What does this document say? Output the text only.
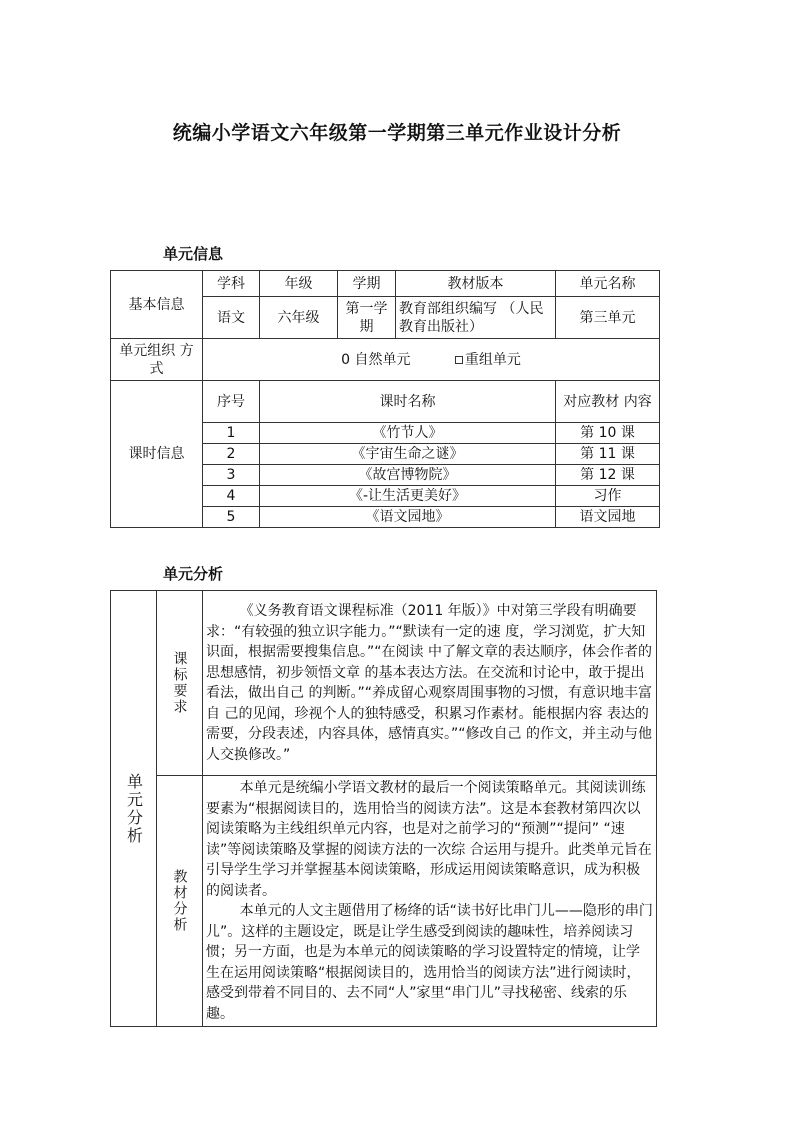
统编小学语文六年级第一学期第三单元作业设计分析
单元信息
基本信息	学科	年级	学期	教材版本	单元名称
	语文	六年级	第一学期	教育部组织编写 （人民教育出版社）	第三单元
单元组织 方式	0 自然单元 重组单元				
课时信息	序号	课时名称			对应教材 内容
	1	《竹节人》			第 10 课
	2	《宇宙生命之谜》			第 11 课
	3	《故宫博物院》			第 12 课
	4	《-让生活更美好》			习作
	5	《语文园地》			语文园地
单元分析
单元分析	课标要求	《义务教育语文课程标准（2011 年版）》中对第三学段有明确要求：“有较强的独立识字能力。”“默读有一定的速 度，学习浏览，扩大知识面，根据需要搜集信息。”“在阅读 中了解文章的表达顺序，体会作者的思想感情，初步领悟文章 的基本表达方法。在交流和讨论中，敢于提出看法，做出自己 的判断。”“养成留心观察周围事物的习惯，有意识地丰富自 己的见闻，珍视个人的独特感受，积累习作素材。能根据内容 表达的需要，分段表述，内容具体，感情真实。”“修改自己 的作文，并主动与他人交换修改。”

	教材分析	本单元是统编小学语文教材的最后一个阅读策略单元。其阅读训练要素为“根据阅读目的，选用恰当的阅读方法”。这是本套教材第四次以阅读策略为主线组织单元内容，也是对之前学习的“预测”“提问” “速读”等阅读策略及掌握的阅读方法的一次综 合运用与提升。此类单元旨在引导学生学习并掌握基本阅读策略，形成运用阅读策略意识，成为积极的阅读者。

本单元的人文主题借用了杨绛的话“读书好比串门儿——隐形的串门儿”。这样的主题设定，既是让学生感受到阅读的趣味性，培养阅读习惯；另一方面，也是为本单元的阅读策略的学习设置特定的情境，让学生在运用阅读策略“根据阅读目的，选用恰当的阅读方法”进行阅读时，感受到带着不同目的、去不同“人”家里“串门儿”寻找秘密、线索的乐趣。
